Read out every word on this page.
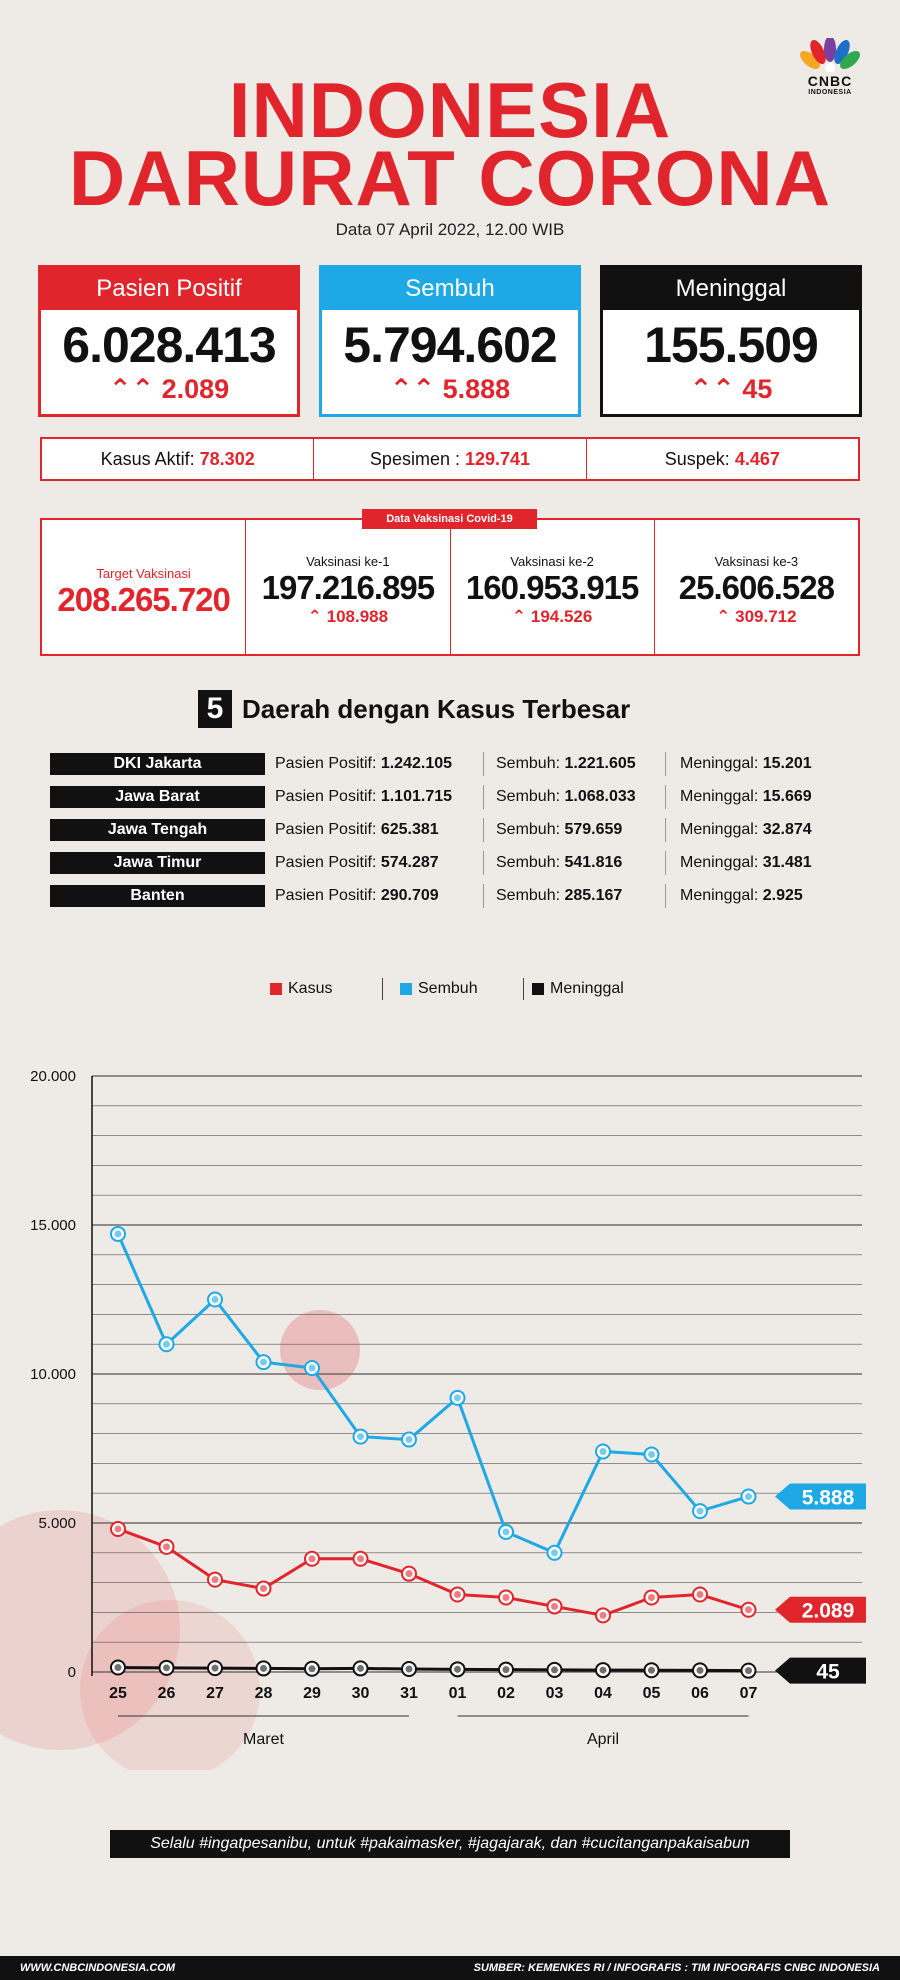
CNBC
INDONESIA
INDONESIA
DARURAT CORONA
Data 07 April 2022, 12.00 WIB
Pasien Positif
6.028.413
⌃⌃ 2.089
Sembuh
5.794.602
⌃⌃ 5.888
Meninggal
155.509
⌃⌃ 45
Kasus Aktif: 78.302	Spesimen : 129.741	Suspek: 4.467
Target Vaksinasi
208.265.720
Vaksinasi ke-1
197.216.895
⌃ 108.988
Vaksinasi ke-2
160.953.915
⌃ 194.526
Vaksinasi ke-3
25.606.528
⌃ 309.712
Data Vaksinasi Covid-19
5 Daerah dengan Kasus Terbesar
DKI Jakarta	Pasien Positif: 1.242.105	Sembuh: 1.221.605	Meninggal: 15.201
Jawa Barat	Pasien Positif: 1.101.715	Sembuh: 1.068.033	Meninggal: 15.669
Jawa Tengah	Pasien Positif: 625.381	Sembuh: 579.659	Meninggal: 32.874
Jawa Timur	Pasien Positif: 574.287	Sembuh: 541.816	Meninggal: 31.481
Banten	Pasien Positif: 290.709	Sembuh: 285.167	Meninggal: 2.925
Kasus	Sembuh	Meninggal
0
5.000
10.000
15.000
20.000
25 26 27 28 29 30 31 01 02 03 04 05 06 07
Maret	April
2.089
5.888
45
Selalu #ingatpesanibu, untuk #pakaimasker, #jagajarak, dan #cucitanganpakaisabun
WWW.CNBCINDONESIA.COM	SUMBER: KEMENKES RI / INFOGRAFIS : TIM INFOGRAFIS CNBC INDONESIA
